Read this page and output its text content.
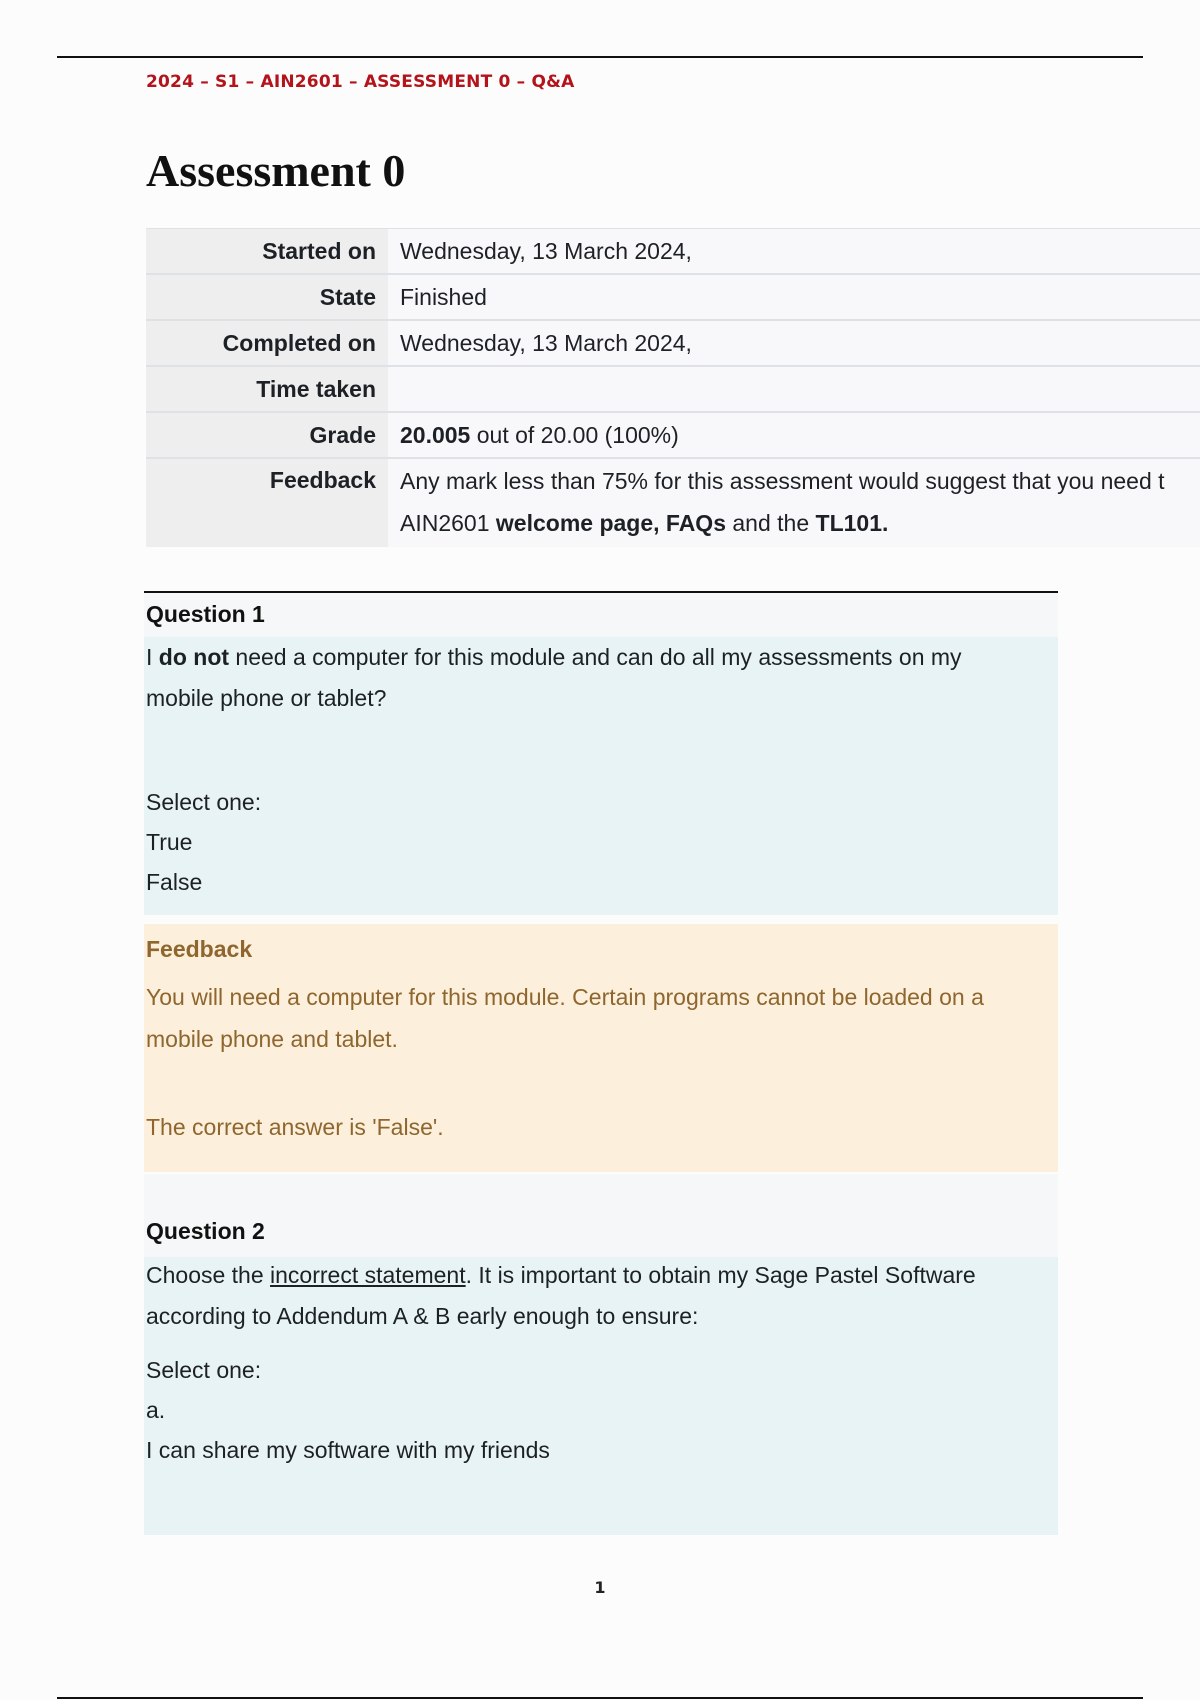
2024 – S1 – AIN2601 – ASSESSMENT 0 – Q&A
Assessment 0
Started on	Wednesday, 13 March 2024,
State	Finished
Completed on	Wednesday, 13 March 2024,
Time taken
Grade	20.005 out of 20.00 (100%)
Feedback	Any mark less than 75% for this assessment would suggest that you need t
AIN2601 welcome page, FAQs and the TL101.
Question 1
I do not need a computer for this module and can do all my assessments on my mobile phone or tablet?
Select one:
True
False
Feedback
You will need a computer for this module. Certain programs cannot be loaded on a mobile phone and tablet.
The correct answer is 'False'.
Question 2
Choose the incorrect statement. It is important to obtain my Sage Pastel Software according to Addendum A & B early enough to ensure:
Select one:
a.
I can share my software with my friends
1
